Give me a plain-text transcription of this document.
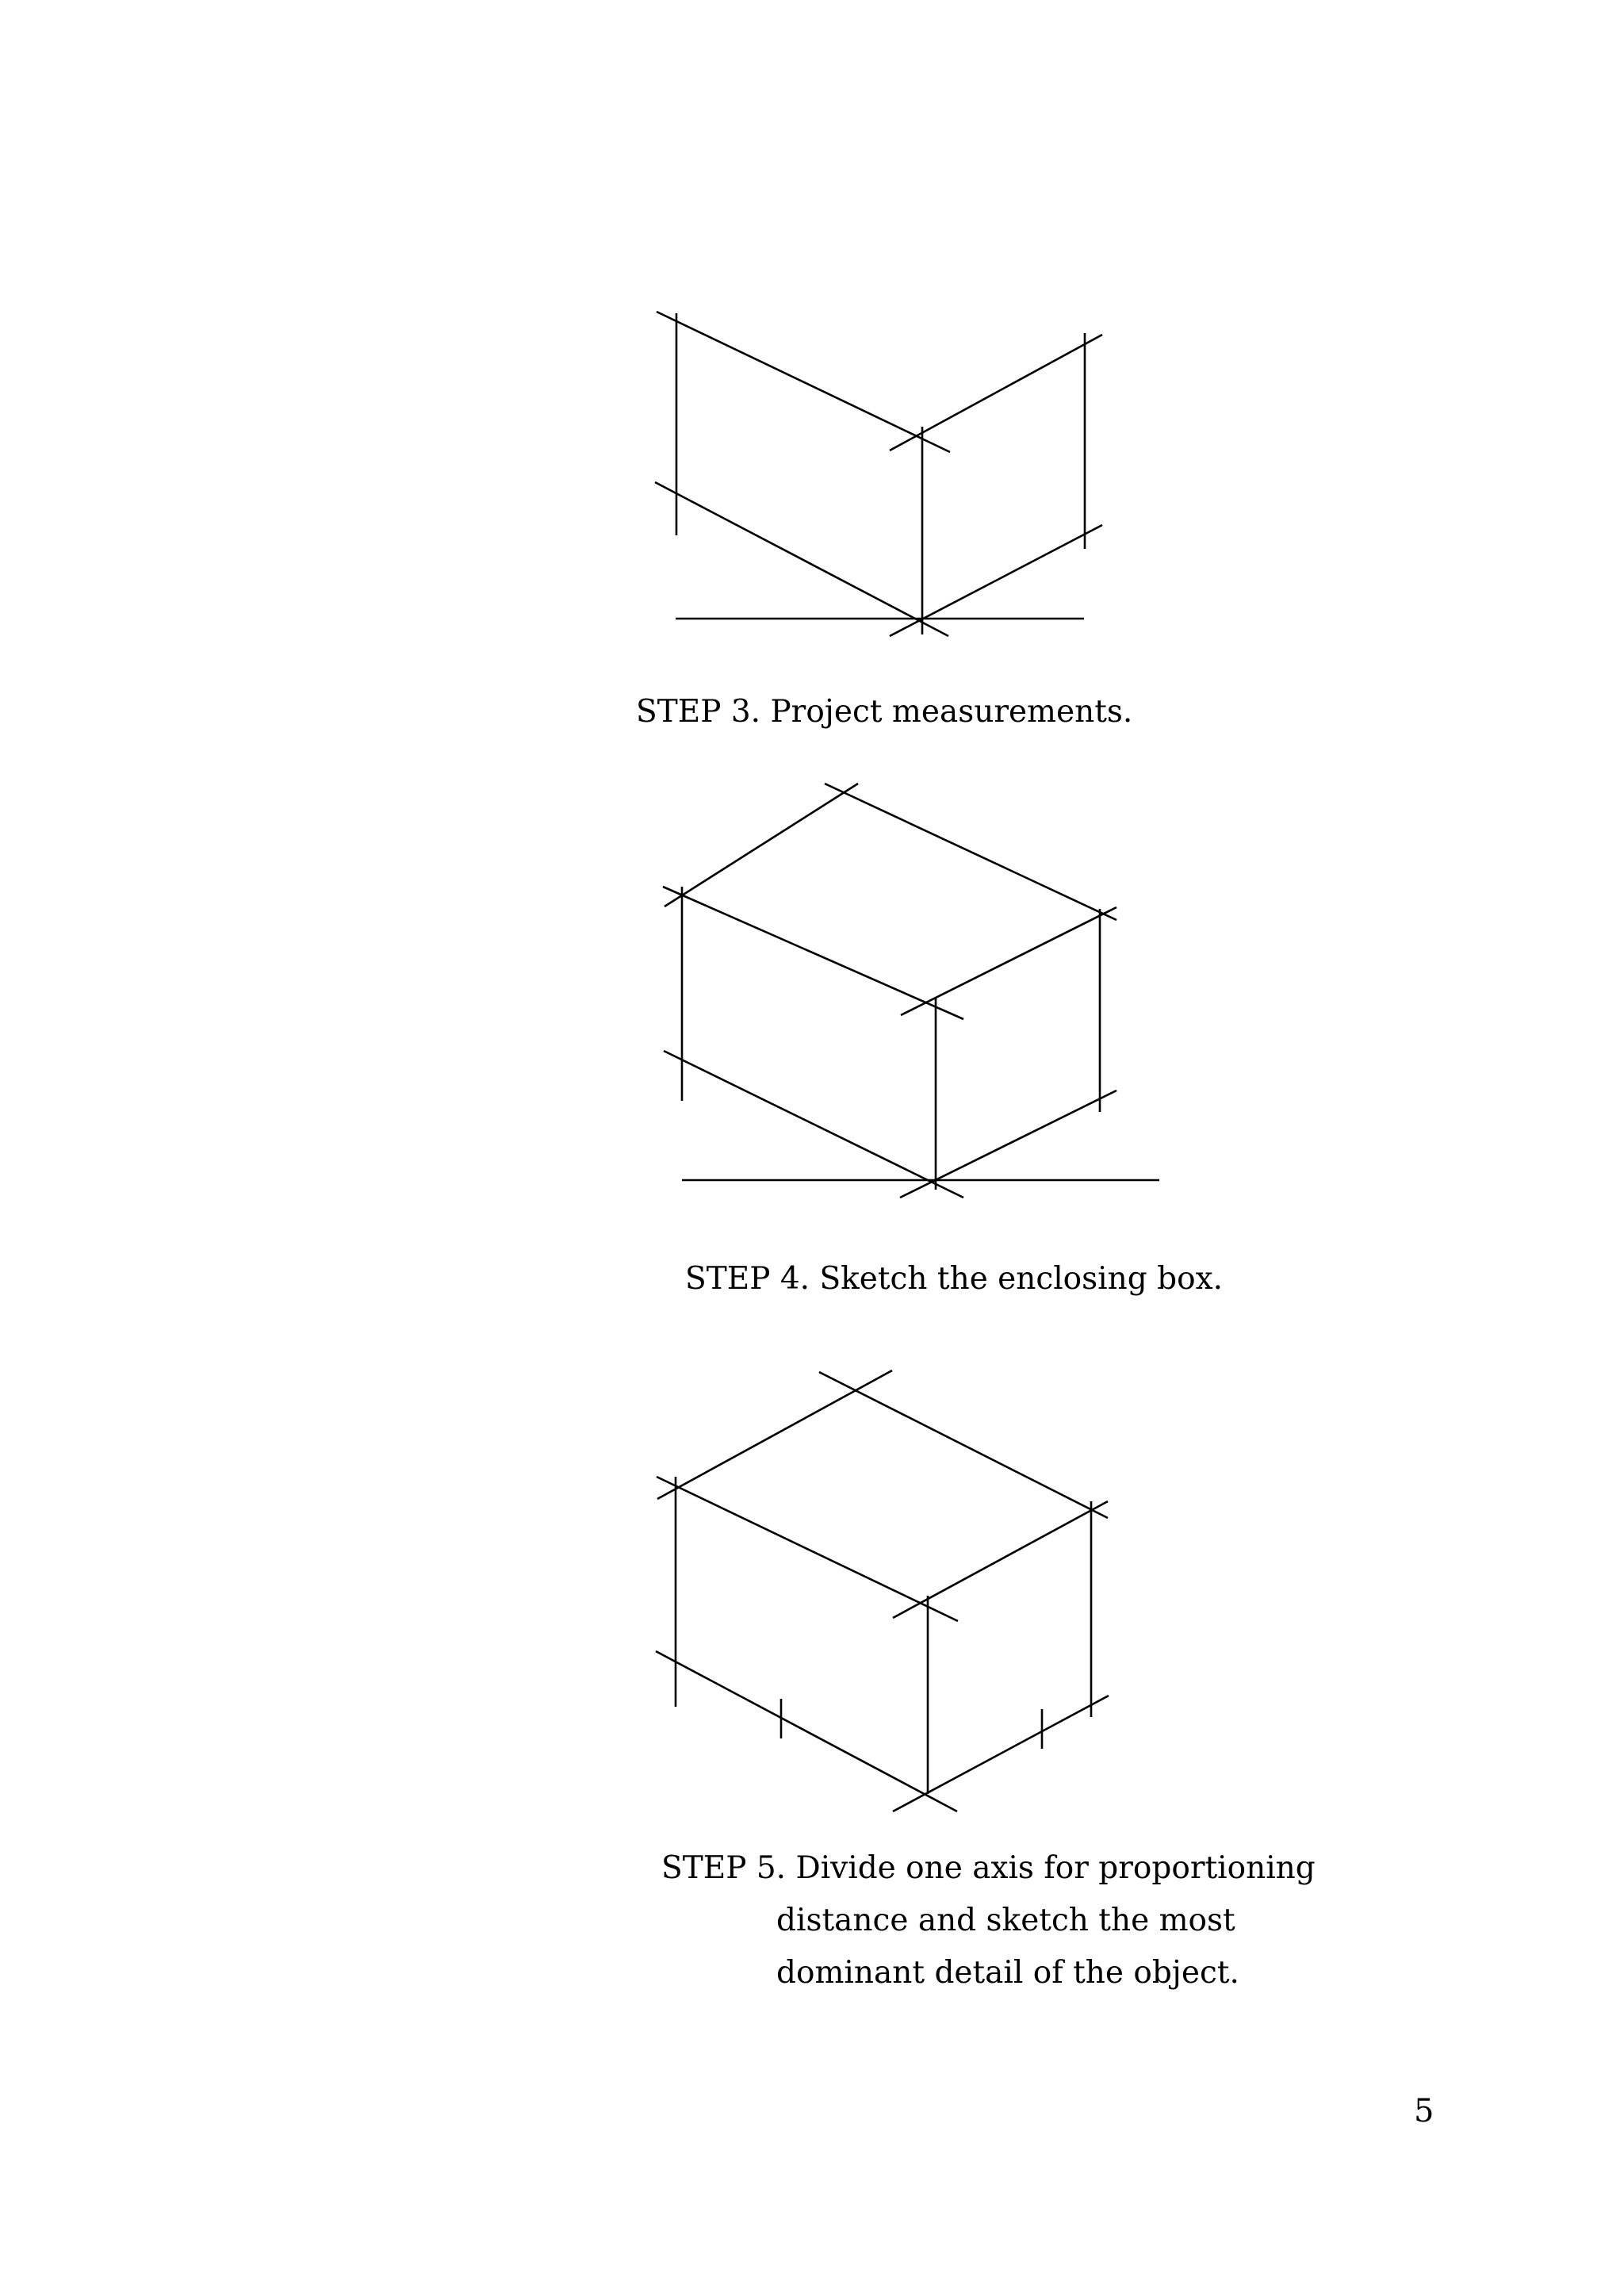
STEP 3. Project measurements.
STEP 4. Sketch the enclosing box.
STEP 5. Divide one axis for proportioning
distance and sketch the most
dominant detail of the object.
5
